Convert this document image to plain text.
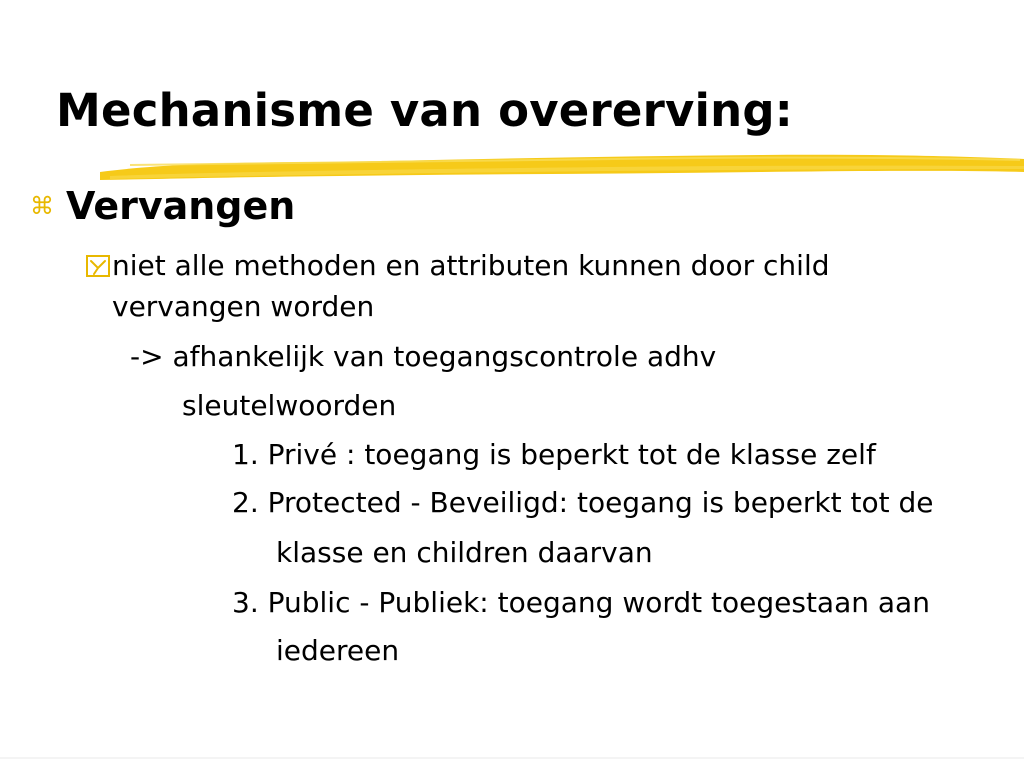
Mechanisme van overerving:
⌘ Vervangen
niet alle methoden en attributen kunnen door child
vervangen worden
-> afhankelijk van toegangscontrole adhv
sleutelwoorden
1. Privé : toegang is beperkt tot de klasse zelf
2. Protected - Beveiligd: toegang is beperkt tot de
klasse en children daarvan
3. Public - Publiek: toegang wordt toegestaan aan
iedereen
